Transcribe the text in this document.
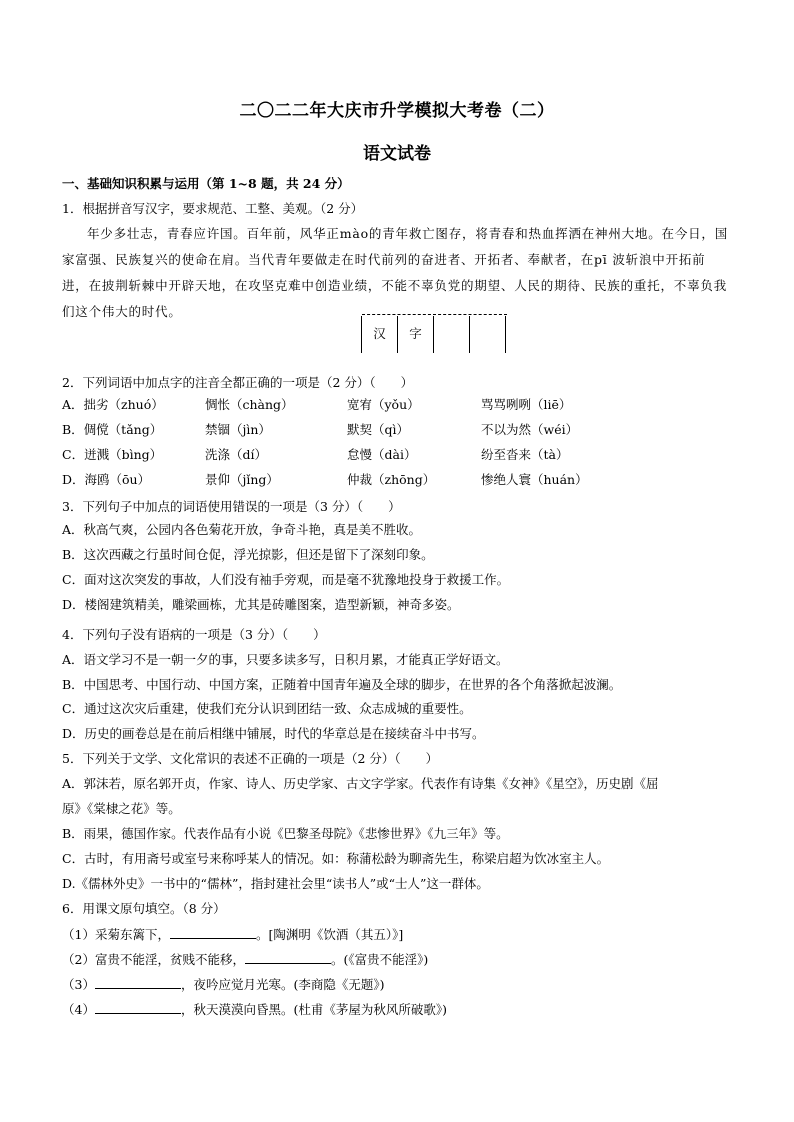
二〇二二年大庆市升学模拟大考卷（二）
语文试卷
一、基础知识积累与运用（第 1~8 题，共 24 分）
1．根据拼音写汉字，要求规范、工整、美观。（2 分）
年少多壮志，青春应许国。百年前，风华正mào的青年救亡图存，将青春和热血挥洒在神州大地。在今日，国家富强、民族复兴的使命在肩。当代青年要做走在时代前列的奋进者、开拓者、奉献者，在pī 波斩浪中开拓前进，在披荆斩棘中开辟天地，在攻坚克难中创造业绩，不能不辜负党的期望、人民的期待、民族的重托，不辜负我们这个伟大的时代。
汉	字
2．下列词语中加点字的注音全都正确的一项是（2 分）（　　）
A．拙劣（zhuó）	惆怅（chàng）	宽宥（yǒu）	骂骂咧咧（liē）
B．倜傥（tǎng）	禁锢（jìn）	默契（qì）	不以为然（wéi）
C．迸溅（bìng）	洗涤（dí）	怠慢（dài）	纷至沓来（tà）
D．海鸥（ōu）	景仰（jǐng）	仲裁（zhōng）	惨绝人寰（huán）
3．下列句子中加点的词语使用错误的一项是（3 分）（　　）
A．秋高气爽，公园内各色菊花开放，争奇斗艳，真是美不胜收。
B．这次西藏之行虽时间仓促，浮光掠影，但还是留下了深刻印象。
C．面对这次突发的事故，人们没有袖手旁观，而是毫不犹豫地投身于救援工作。
D．楼阁建筑精美，雕梁画栋，尤其是砖雕图案，造型新颖，神奇多姿。
4．下列句子没有语病的一项是（3 分）（　　）
A．语文学习不是一朝一夕的事，只要多读多写，日积月累，才能真正学好语文。
B．中国思考、中国行动、中国方案，正随着中国青年遍及全球的脚步，在世界的各个角落掀起波澜。
C．通过这次灾后重建，使我们充分认识到团结一致、众志成城的重要性。
D．历史的画卷总是在前后相继中铺展，时代的华章总是在接续奋斗中书写。
5．下列关于文学、文化常识的表述不正确的一项是（2 分）（　　）
A．郭沫若，原名郭开贞，作家、诗人、历史学家、古文字学家。代表作有诗集《女神》《星空》，历史剧《屈
原》《棠棣之花》等。
B．雨果，德国作家。代表作品有小说《巴黎圣母院》《悲惨世界》《九三年》等。
C．古时，有用斋号或室号来称呼某人的情况。如：称蒲松龄为聊斋先生，称梁启超为饮冰室主人。
D.《儒林外史》一书中的“儒林”，指封建社会里“读书人”或“士人”这一群体。
6．用课文原句填空。（8 分）
（1）采菊东篱下，	。[陶渊明《饮酒（其五）》]
（2）富贵不能淫，贫贱不能移，	。(《富贵不能淫》)
（3）	，夜吟应觉月光寒。(李商隐《无题》)
（4）	，秋天漠漠向昏黑。(杜甫《茅屋为秋风所破歌》)
